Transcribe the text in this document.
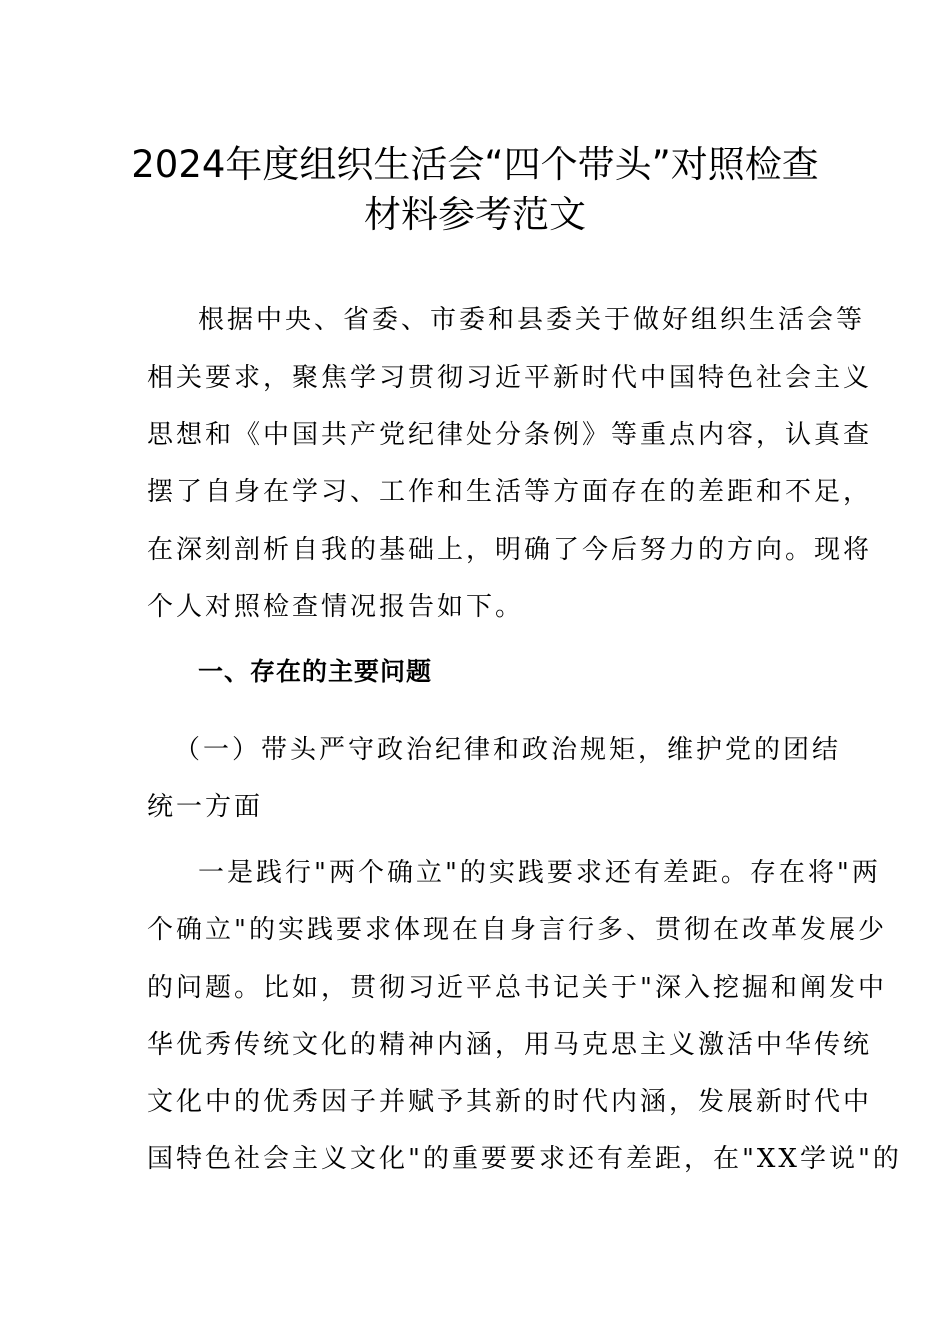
2024年度组织生活会“四个带头”对照检查
材料参考范文
根据中央、省委、市委和县委关于做好组织生活会等
相关要求，聚焦学习贯彻习近平新时代中国特色社会主义
思想和《中国共产党纪律处分条例》等重点内容，认真查
摆了自身在学习、工作和生活等方面存在的差距和不足，
在深刻剖析自我的基础上，明确了今后努力的方向。现将
个人对照检查情况报告如下。
一、存在的主要问题
（一）带头严守政治纪律和政治规矩，维护党的团结
统一方面
一是践行"两个确立"的实践要求还有差距。存在将"两
个确立"的实践要求体现在自身言行多、贯彻在改革发展少
的问题。比如，贯彻习近平总书记关于"深入挖掘和阐发中
华优秀传统文化的精神内涵，用马克思主义激活中华传统
文化中的优秀因子并赋予其新的时代内涵，发展新时代中
国特色社会主义文化"的重要要求还有差距，在"XX学说"的
